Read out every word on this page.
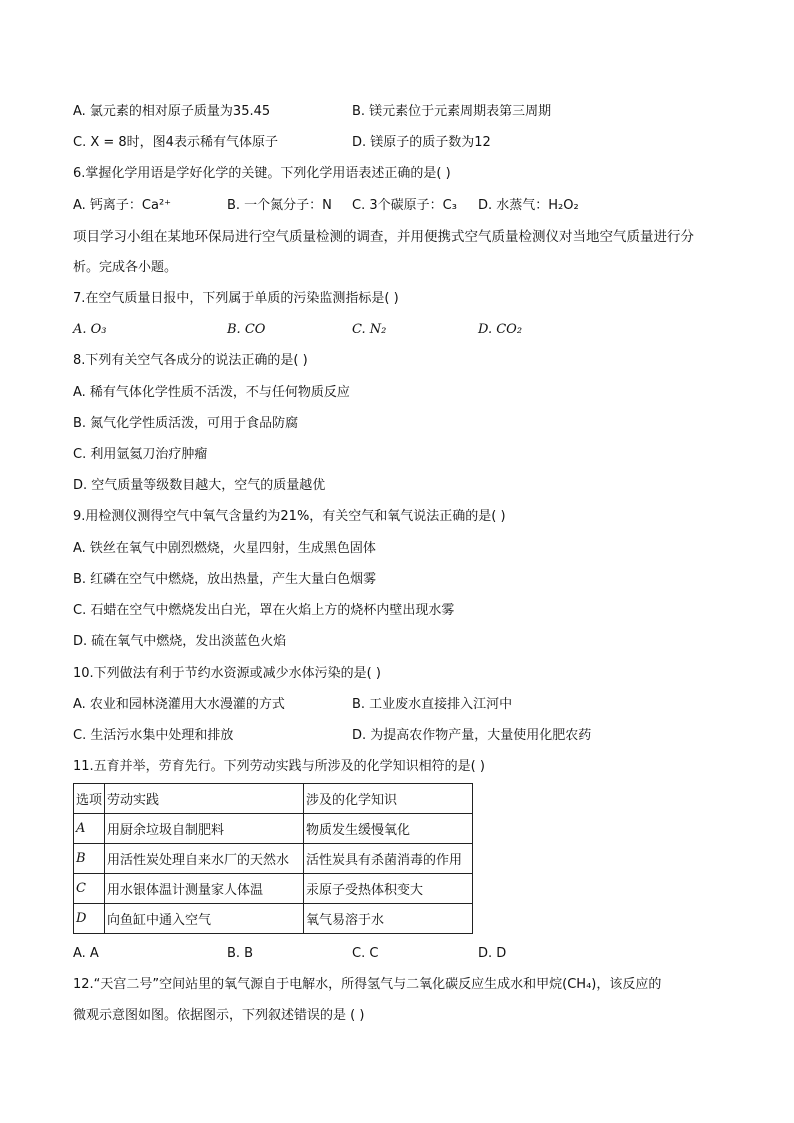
A. 氯元素的相对原子质量为35.45	B. 镁元素位于元素周期表第三周期
C. X = 8时，图4表示稀有气体原子	D. 镁原子的质子数为12
6.掌握化学用语是学好化学的关键。下列化学用语表述正确的是( )
A. 钙离子：Ca²⁺	B. 一个氮分子：N C. 3个碳原子：C₃ D. 水蒸气：H₂O₂
项目学习小组在某地环保局进行空气质量检测的调查，并用便携式空气质量检测仪对当地空气质量进行分
析。完成各小题。
7.在空气质量日报中，下列属于单质的污染监测指标是( )
A. O₃	B. CO	C. N₂	D. CO₂
8.下列有关空气各成分的说法正确的是( )
A. 稀有气体化学性质不活泼，不与任何物质反应
B. 氮气化学性质活泼，可用于食品防腐
C. 利用氩氦刀治疗肿瘤
D. 空气质量等级数目越大，空气的质量越优
9.用检测仪测得空气中氧气含量约为21%，有关空气和氧气说法正确的是( )
A. 铁丝在氧气中剧烈燃烧，火星四射，生成黑色固体
B. 红磷在空气中燃烧，放出热量，产生大量白色烟雾
C. 石蜡在空气中燃烧发出白光，罩在火焰上方的烧杯内壁出现水雾
D. 硫在氧气中燃烧，发出淡蓝色火焰
10.下列做法有利于节约水资源或减少水体污染的是( )
A. 农业和园林浇灌用大水漫灌的方式	B. 工业废水直接排入江河中
C. 生活污水集中处理和排放	D. 为提高农作物产量，大量使用化肥农药
11.五育并举，劳育先行。下列劳动实践与所涉及的化学知识相符的是( )
选项	劳动实践	涉及的化学知识
A	用厨余垃圾自制肥料	物质发生缓慢氧化
B	用活性炭处理自来水厂的天然水	活性炭具有杀菌消毒的作用
C	用水银体温计测量家人体温	汞原子受热体积变大
D	向鱼缸中通入空气	氧气易溶于水
A. A	B. B	C. C	D. D
12.“天宫二号”空间站里的氧气源自于电解水，所得氢气与二氧化碳反应生成水和甲烷(CH₄)，该反应的
微观示意图如图。依据图示，下列叙述错误的是 ( )
